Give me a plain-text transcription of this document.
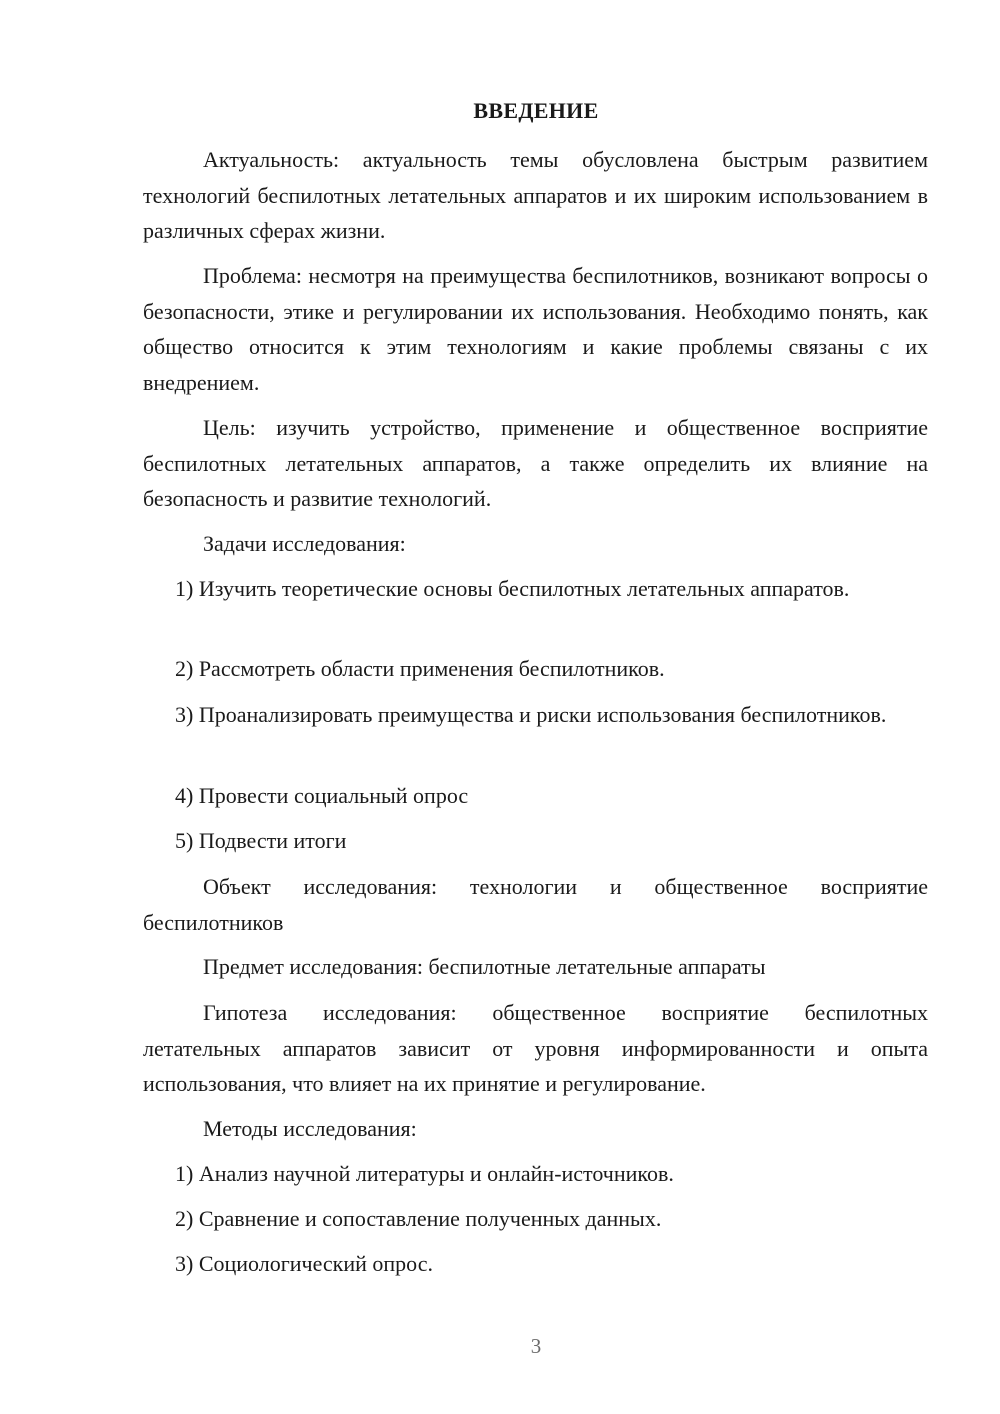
ВВЕДЕНИЕ

Актуальность: актуальность темы обусловлена быстрым развитием технологий беспилотных летательных аппаратов и их широким использованием в различных сферах жизни.

Проблема: несмотря на преимущества беспилотников, возникают вопросы о безопасности, этике и регулировании их использования. Необходимо понять, как общество относится к этим технологиям и какие проблемы связаны с их внедрением.

Цель: изучить устройство, применение и общественное восприятие беспилотных летательных аппаратов, а также определить их влияние на безопасность и развитие технологий.

Задачи исследования:

1) Изучить теоретические основы беспилотных летательных аппаратов.

2) Рассмотреть области применения беспилотников.

3) Проанализировать преимущества и риски использования беспилотников.

4) Провести социальный опрос

5) Подвести итоги

Объект исследования: технологии и общественное восприятие беспилотников

Предмет исследования: беспилотные летательные аппараты

Гипотеза исследования: общественное восприятие беспилотных летательных аппаратов зависит от уровня информированности и опыта использования, что влияет на их принятие и регулирование.

Методы исследования:

1) Анализ научной литературы и онлайн-источников.

2) Сравнение и сопоставление полученных данных.

3) Социологический опрос.

3
